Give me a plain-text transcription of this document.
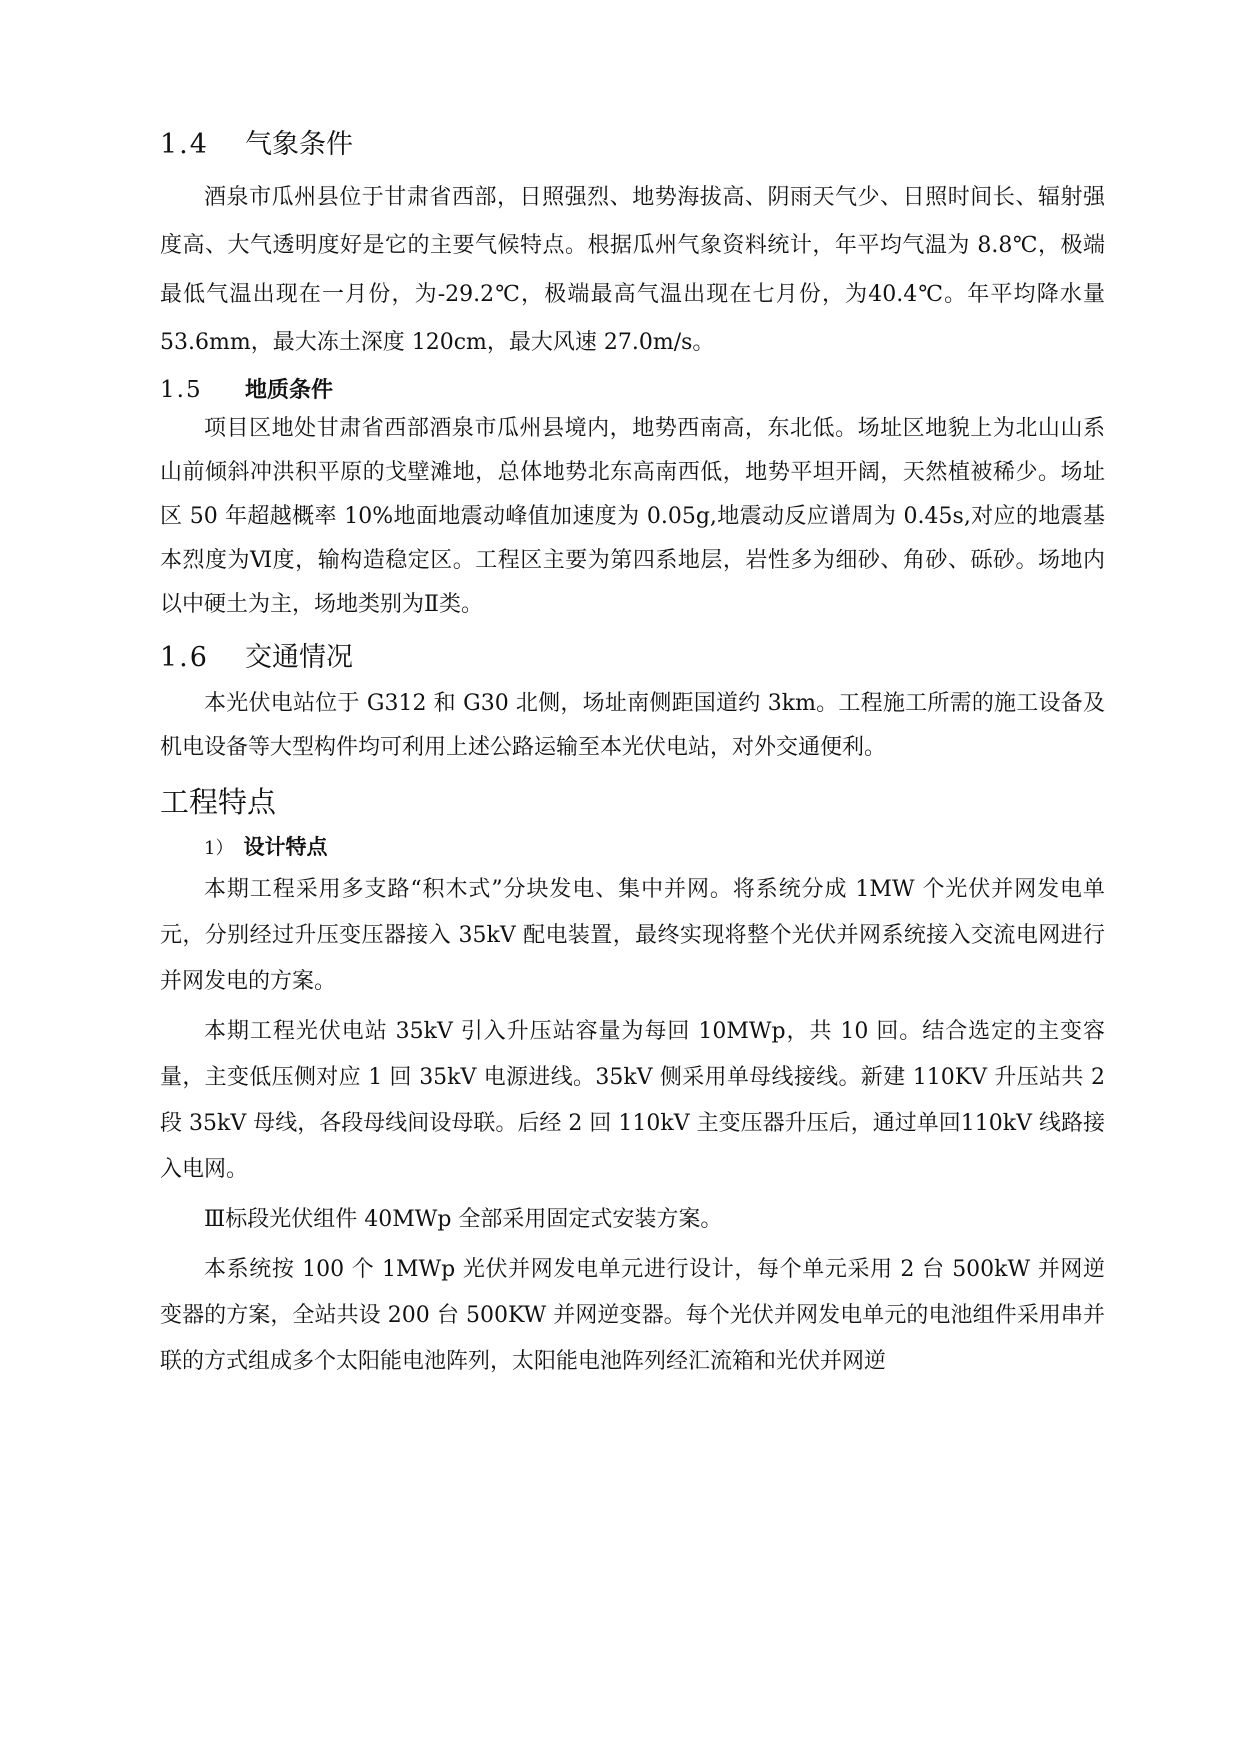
1.4	气象条件

酒泉市瓜州县位于甘肃省西部，日照强烈、地势海拔高、阴雨天气少、日照时间长、辐射强度高、大气透明度好是它的主要气候特点。根据瓜州气象资料统计，年平均气温为 8.8℃，极端最低气温出现在一月份，为-29.2℃，极端最高气温出现在七月份，为40.4℃。年平均降水量 53.6mm，最大冻土深度 120cm，最大风速 27.0m/s。

1.5	地质条件

项目区地处甘肃省西部酒泉市瓜州县境内，地势西南高，东北低。场址区地貌上为北山山系山前倾斜冲洪积平原的戈壁滩地，总体地势北东高南西低，地势平坦开阔，天然植被稀少。场址区 50 年超越概率 10%地面地震动峰值加速度为 0.05g,地震动反应谱周为 0.45s,对应的地震基本烈度为Ⅵ度，输构造稳定区。工程区主要为第四系地层，岩性多为细砂、角砂、砾砂。场地内以中硬土为主，场地类别为Ⅱ类。

1.6	交通情况

本光伏电站位于 G312 和 G30 北侧，场址南侧距国道约 3km。工程施工所需的施工设备及机电设备等大型构件均可利用上述公路运输至本光伏电站，对外交通便利。

工程特点
1） 设计特点

本期工程采用多支路“积木式”分块发电、集中并网。将系统分成 1MW 个光伏并网发电单元，分别经过升压变压器接入 35kV 配电装置，最终实现将整个光伏并网系统接入交流电网进行并网发电的方案。

本期工程光伏电站 35kV 引入升压站容量为每回 10MWp，共 10 回。结合选定的主变容量，主变低压侧对应 1 回 35kV 电源进线。35kV 侧采用单母线接线。新建 110KV 升压站共 2 段 35kV 母线，各段母线间设母联。后经 2 回 110kV 主变压器升压后，通过单回110kV 线路接入电网。

Ⅲ标段光伏组件 40MWp 全部采用固定式安装方案。

本系统按 100 个 1MWp 光伏并网发电单元进行设计，每个单元采用 2 台 500kW 并网逆变器的方案，全站共设 200 台 500KW 并网逆变器。每个光伏并网发电单元的电池组件采用串并联的方式组成多个太阳能电池阵列，太阳能电池阵列经汇流箱和光伏并网逆
